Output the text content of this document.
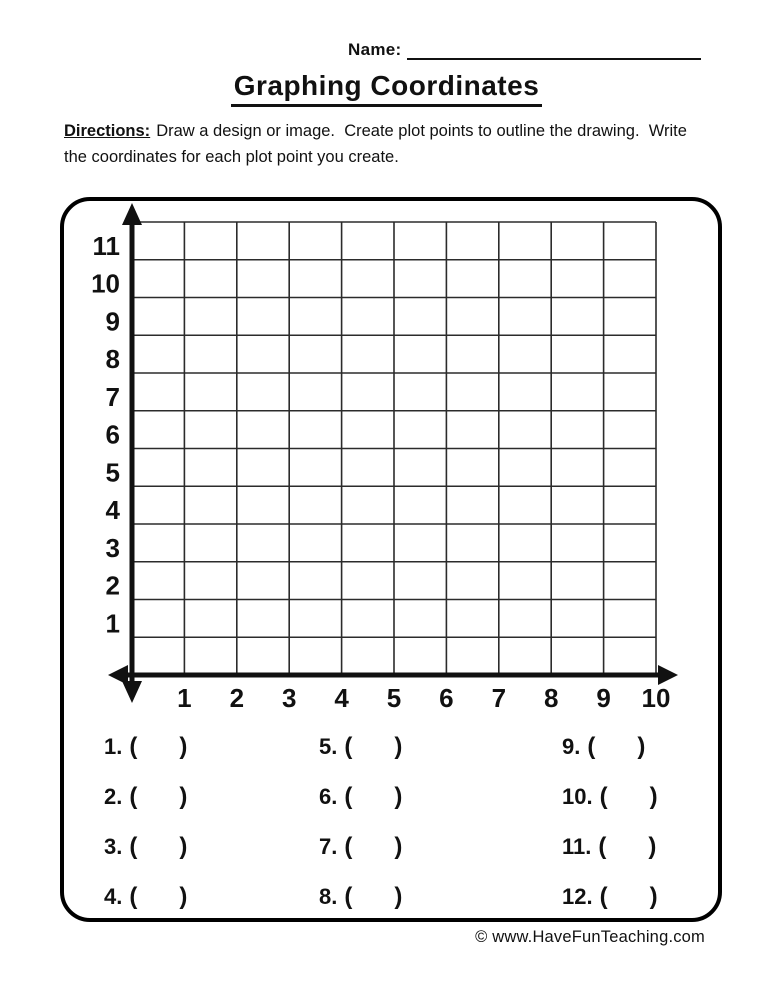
Name:
Graphing Coordinates
Directions: Draw a design or image.  Create plot points to outline the drawing.  Write
the coordinates for each plot point you create.
1
2
3
4
5
6
7
8
9
10
11
1 2 3 4 5 6 7 8 9 10
1. ( )
2. ( )
3. ( )
4. ( )
5. ( )
6. ( )
7. ( )
8. ( )
9. ( )
10. ( )
11. ( )
12. ( )
© www.HaveFunTeaching.com
